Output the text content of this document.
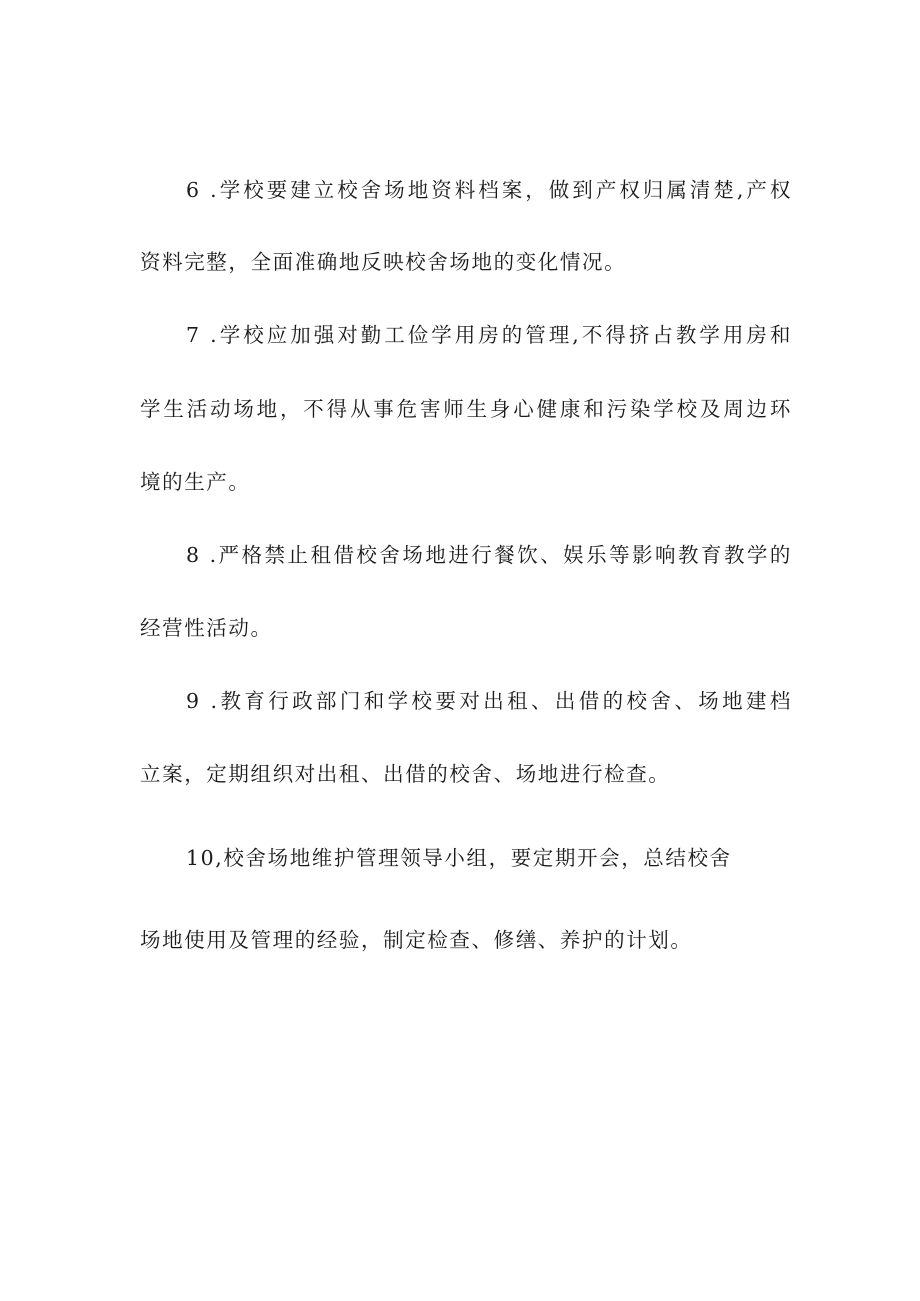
6 .学校要建立校舍场地资料档案，做到产权归属清楚,产权
资料完整，全面准确地反映校舍场地的变化情况。
7 .学校应加强对勤工俭学用房的管理,不得挤占教学用房和
学生活动场地，不得从事危害师生身心健康和污染学校及周边环
境的生产。
8 .严格禁止租借校舍场地进行餐饮、娱乐等影响教育教学的
经营性活动。
9 .教育行政部门和学校要对出租、出借的校舍、场地建档
立案，定期组织对出租、出借的校舍、场地进行检查。
10,校舍场地维护管理领导小组，要定期开会，总结校舍
场地使用及管理的经验，制定检查、修缮、养护的计划。
